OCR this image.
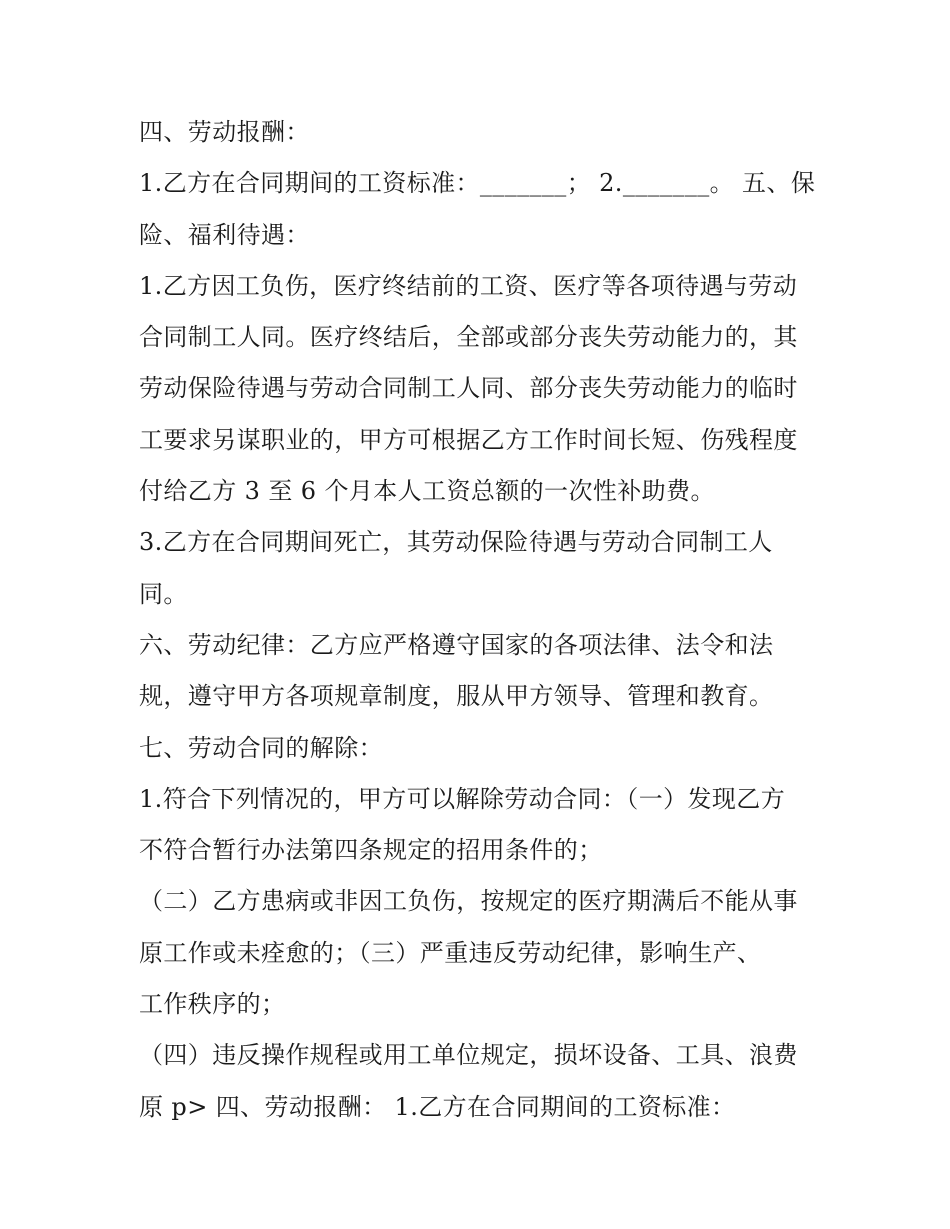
四、劳动报酬：
1.乙方在合同期间的工资标准：_______； 2._______。 五、保
险、福利待遇：
1.乙方因工负伤，医疗终结前的工资、医疗等各项待遇与劳动
合同制工人同。医疗终结后，全部或部分丧失劳动能力的，其
劳动保险待遇与劳动合同制工人同、部分丧失劳动能力的临时
工要求另谋职业的，甲方可根据乙方工作时间长短、伤残程度
付给乙方 3 至 6 个月本人工资总额的一次性补助费。
3.乙方在合同期间死亡，其劳动保险待遇与劳动合同制工人
同。
六、劳动纪律：乙方应严格遵守国家的各项法律、法令和法
规，遵守甲方各项规章制度，服从甲方领导、管理和教育。
七、劳动合同的解除：
1.符合下列情况的，甲方可以解除劳动合同：（一）发现乙方
不符合暂行办法第四条规定的招用条件的；
（二）乙方患病或非因工负伤，按规定的医疗期满后不能从事
原工作或未痊愈的；（三）严重违反劳动纪律，影响生产、
工作秩序的；
（四）违反操作规程或用工单位规定，损坏设备、工具、浪费
原 p> 四、劳动报酬： 1.乙方在合同期间的工资标准：
